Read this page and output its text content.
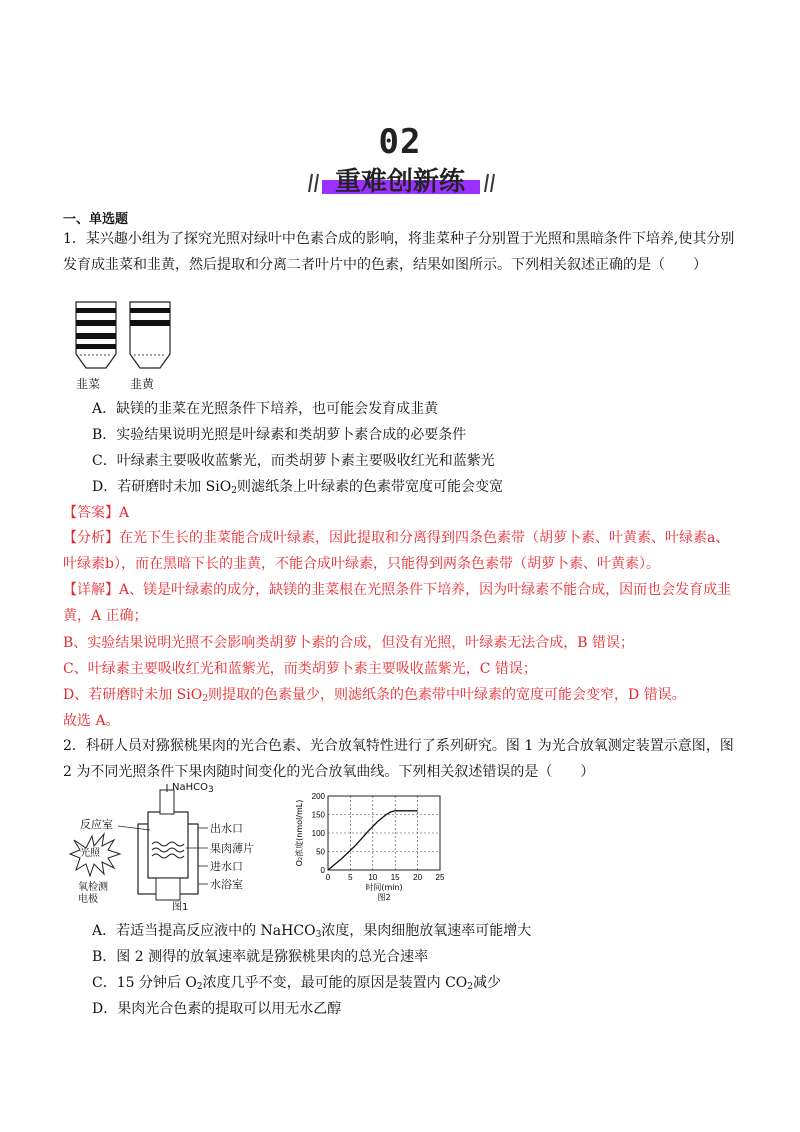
02
重难创新练
一、单选题
1．某兴趣小组为了探究光照对绿叶中色素合成的影响，将韭菜种子分别置于光照和黑暗条件下培养,使其分别发育成韭菜和韭黄，然后提取和分离二者叶片中的色素，结果如图所示。下列相关叙述正确的是（　　）
韭菜 韭黄
A．缺镁的韭菜在光照条件下培养，也可能会发育成韭黄
B．实验结果说明光照是叶绿素和类胡萝卜素合成的必要条件
C．叶绿素主要吸收蓝紫光，而类胡萝卜素主要吸收红光和蓝紫光
D．若研磨时未加 SiO$_2$则滤纸条上叶绿素的色素带宽度可能会变宽
【答案】A
【分析】在光下生长的韭菜能合成叶绿素，因此提取和分离得到四条色素带（胡萝卜素、叶黄素、叶绿素a、叶绿素b），而在黑暗下长的韭黄，不能合成叶绿素，只能得到两条色素带（胡萝卜素、叶黄素）。
【详解】A、镁是叶绿素的成分，缺镁的韭菜根在光照条件下培养，因为叶绿素不能合成，因而也会发育成韭黄，A 正确；
B、实验结果说明光照不会影响类胡萝卜素的合成，但没有光照，叶绿素无法合成，B 错误；
C、叶绿素主要吸收红光和蓝紫光，而类胡萝卜素主要吸收蓝紫光，C 错误；
D、若研磨时未加 SiO$_2$则提取的色素量少，则滤纸条的色素带中叶绿素的宽度可能会变窄，D 错误。
故选 A。
2．科研人员对猕猴桃果肉的光合色素、光合放氧特性进行了系列研究。图 1 为光合放氧测定装置示意图，图 2 为不同光照条件下果肉随时间变化的光合放氧曲线。下列相关叙述错误的是（　　）
NaHCO$_3$
反应室
光照
氧检测电极
出水口
果肉薄片
进水口
水浴室
图1
0 5 10 15 20 25
0
50
100
150
200
时间(min)
O₂浓度(nmol/mL)
图2
A．若适当提高反应液中的 NaHCO$_3$浓度，果肉细胞放氧速率可能增大
B．图 2 测得的放氧速率就是猕猴桃果肉的总光合速率
C．15 分钟后 $O_2$浓度几乎不变，最可能的原因是装置内 $CO_2$减少
D．果肉光合色素的提取可以用无水乙醇
